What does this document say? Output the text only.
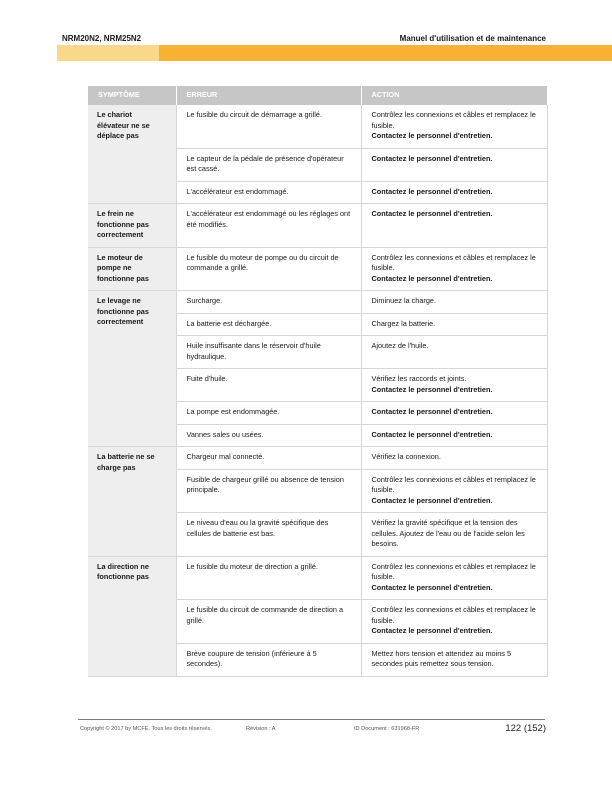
NRM20N2, NRM25N2	Manuel d'utilisation et de maintenance
SYMPTÔME	ERREUR	ACTION
Le chariot élévateur ne se déplace pas	Le fusible du circuit de démarrage a grillé.	Contrôlez les connexions et câbles et remplacez le fusible.
Contactez le personnel d'entretien.

	Le capteur de la pédale de présence d'opérateur est cassé.	Contactez le personnel d'entretien.

	L'accélérateur est endommagé.	Contactez le personnel d'entretien.

Le frein ne fonctionne pas correctement	L'accélérateur est endommagé ou les réglages ont été modifiés.	Contactez le personnel d'entretien.

Le moteur de pompe ne fonctionne pas	Le fusible du moteur de pompe ou du circuit de commande a grillé.	Contrôlez les connexions et câbles et remplacez le fusible.
Contactez le personnel d'entretien.

Le levage ne fonctionne pas correctement	Surcharge.	Diminuez la charge.

	La batterie est déchargée.	Chargez la batterie.

	Huile insuffisante dans le réservoir d'huile hydraulique.	Ajoutez de l'huile.

	Fuite d'huile.	Vérifiez les raccords et joints.
Contactez le personnel d'entretien.

	La pompe est endommagée.	Contactez le personnel d'entretien.

	Vannes sales ou usées.	Contactez le personnel d'entretien.

La batterie ne se charge pas	Chargeur mal connecté.	Vérifiez la connexion.

	Fusible de chargeur grillé ou absence de tension principale.	Contrôlez les connexions et câbles et remplacez le fusible.
Contactez le personnel d'entretien.

	Le niveau d'eau ou la gravité spécifique des cellules de batterie est bas.	Vérifiez la gravité spécifique et la tension des cellules. Ajoutez de l'eau ou de l'acide selon les besoins.

La direction ne fonctionne pas	Le fusible du moteur de direction a grillé.	Contrôlez les connexions et câbles et remplacez le fusible.
Contactez le personnel d'entretien.

	Le fusible du circuit de commande de direction a grillé.	Contrôlez les connexions et câbles et remplacez le fusible.
Contactez le personnel d'entretien.

	Brève coupure de tension (inférieure à 5 secondes).	Mettez hors tension et attendez au moins 5 secondes puis remettez sous tension.
Copyright © 2017 by MCFE. Tous les droits réservés.	Révision : A	ID Document : 631968-FR	122 (152)
